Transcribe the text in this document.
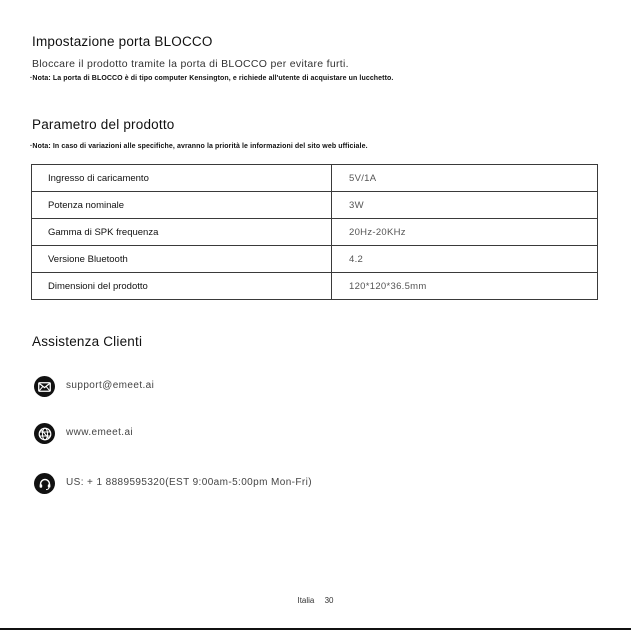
Impostazione porta BLOCCO
Bloccare il prodotto tramite la porta di BLOCCO per evitare furti.
·Nota: La porta di BLOCCO è di tipo computer Kensington, e richiede all'utente di acquistare un lucchetto.
Parametro del prodotto
·Nota: In caso di variazioni alle specifiche, avranno la priorità le informazioni del sito web ufficiale.
Ingresso di caricamento	5V/1A
Potenza nominale	3W
Gamma di SPK frequenza	20Hz-20KHz
Versione Bluetooth	4.2
Dimensioni del prodotto	120*120*36.5mm
Assistenza Clienti
support@emeet.ai
www.emeet.ai
US: + 1 8889595320(EST 9:00am-5:00pm Mon-Fri)
Italia 30
